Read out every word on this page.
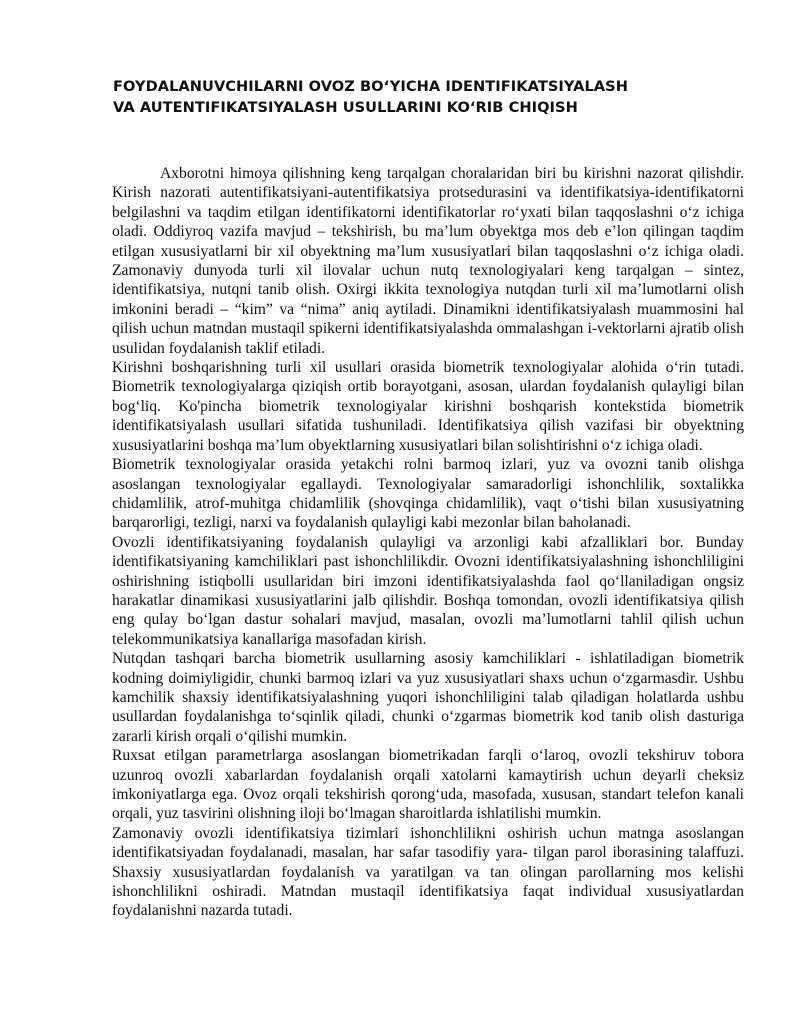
FOYDALANUVCHILARNI OVOZ BO‘YICHA IDENTIFIKATSIYALASH
VA AUTENTIFIKATSIYALASH USULLARINI KO‘RIB CHIQISH

Axborotni himoya qilishning keng tarqalgan choralaridan biri bu kirishni nazorat qilishdir. Kirish nazorati autentifikatsiyani-autentifikatsiya protsedurasini va identifikatsiya-identifikatorni belgilashni va taqdim etilgan identifikatorni identifikatorlar ro‘yxati bilan taqqoslashni o‘z ichiga oladi. Oddiyroq vazifa mavjud – tekshirish, bu ma’lum obyektga mos deb e’lon qilingan taqdim etilgan xususiyatlarni bir xil obyektning ma’lum xususiyatlari bilan taqqoslashni o‘z ichiga oladi. Zamonaviy dunyoda turli xil ilovalar uchun nutq texnologiyalari keng tarqalgan – sintez, identifikatsiya, nutqni tanib olish. Oxirgi ikkita texnologiya nutqdan turli xil ma’lumotlarni olish imkonini beradi – “kim” va “nima” aniq aytiladi. Dinamikni identifikatsiyalash muammosini hal qilish uchun matndan mustaqil spikerni identifikatsiyalashda ommalashgan i-vektorlarni ajratib olish usulidan foydalanish taklif etiladi.

Kirishni boshqarishning turli xil usullari orasida biometrik texnologiyalar alohida o‘rin tutadi. Biometrik texnologiyalarga qiziqish ortib borayotgani, asosan, ulardan foydalanish qulayligi bilan bog‘liq. Ko'pincha biometrik texnologiyalar kirishni boshqarish kontekstida biometrik identifikatsiyalash usullari sifatida tushuniladi. Identifikatsiya qilish vazifasi bir obyektning xususiyatlarini boshqa ma’lum obyektlarning xususiyatlari bilan solishtirishni o‘z ichiga oladi.

Biometrik texnologiyalar orasida yetakchi rolni barmoq izlari, yuz va ovozni tanib olishga asoslangan texnologiyalar egallaydi. Texnologiyalar samaradorligi ishonchlilik, soxtalikka chidamlilik, atrof-muhitga chidamlilik (shovqinga chidamlilik), vaqt o‘tishi bilan xususiyatning barqarorligi, tezligi, narxi va foydalanish qulayligi kabi mezonlar bilan baholanadi.

Ovozli identifikatsiyaning foydalanish qulayligi va arzonligi kabi afzalliklari bor. Bunday identifikatsiyaning kamchiliklari past ishonchlilikdir. Ovozni identifikatsiyalashning ishonchliligini oshirishning istiqbolli usullaridan biri imzoni identifikatsiyalashda faol qo‘llaniladigan ongsiz harakatlar dinamikasi xususiyatlarini jalb qilishdir. Boshqa tomondan, ovozli identifikatsiya qilish eng qulay bo‘lgan dastur sohalari mavjud, masalan, ovozli ma’lumotlarni tahlil qilish uchun telekommunikatsiya kanallariga masofadan kirish.

Nutqdan tashqari barcha biometrik usullarning asosiy kamchiliklari - ishlatiladigan biometrik kodning doimiyligidir, chunki barmoq izlari va yuz xususiyatlari shaxs uchun o‘zgarmasdir. Ushbu kamchilik shaxsiy identifikatsiyalashning yuqori ishonchliligini talab qiladigan holatlarda ushbu usullardan foydalanishga to‘sqinlik qiladi, chunki o‘zgarmas biometrik kod tanib olish dasturiga zararli kirish orqali o‘qilishi mumkin.

Ruxsat etilgan parametrlarga asoslangan biometrikadan farqli o‘laroq, ovozli tekshiruv tobora uzunroq ovozli xabarlardan foydalanish orqali xatolarni kamaytirish uchun deyarli cheksiz imkoniyatlarga ega. Ovoz orqali tekshirish qorong‘uda, masofada, xususan, standart telefon kanali orqali, yuz tasvirini olishning iloji bo‘lmagan sharoitlarda ishlatilishi mumkin.

Zamonaviy ovozli identifikatsiya tizimlari ishonchlilikni oshirish uchun matnga asoslangan identifikatsiyadan foydalanadi, masalan, har safar tasodifiy yara- tilgan parol iborasining talaffuzi. Shaxsiy xususiyatlardan foydalanish va yaratilgan va tan olingan parollarning mos kelishi ishonchlilikni oshiradi. Matndan mustaqil identifikatsiya faqat individual xususiyatlardan foydalanishni nazarda tutadi.
